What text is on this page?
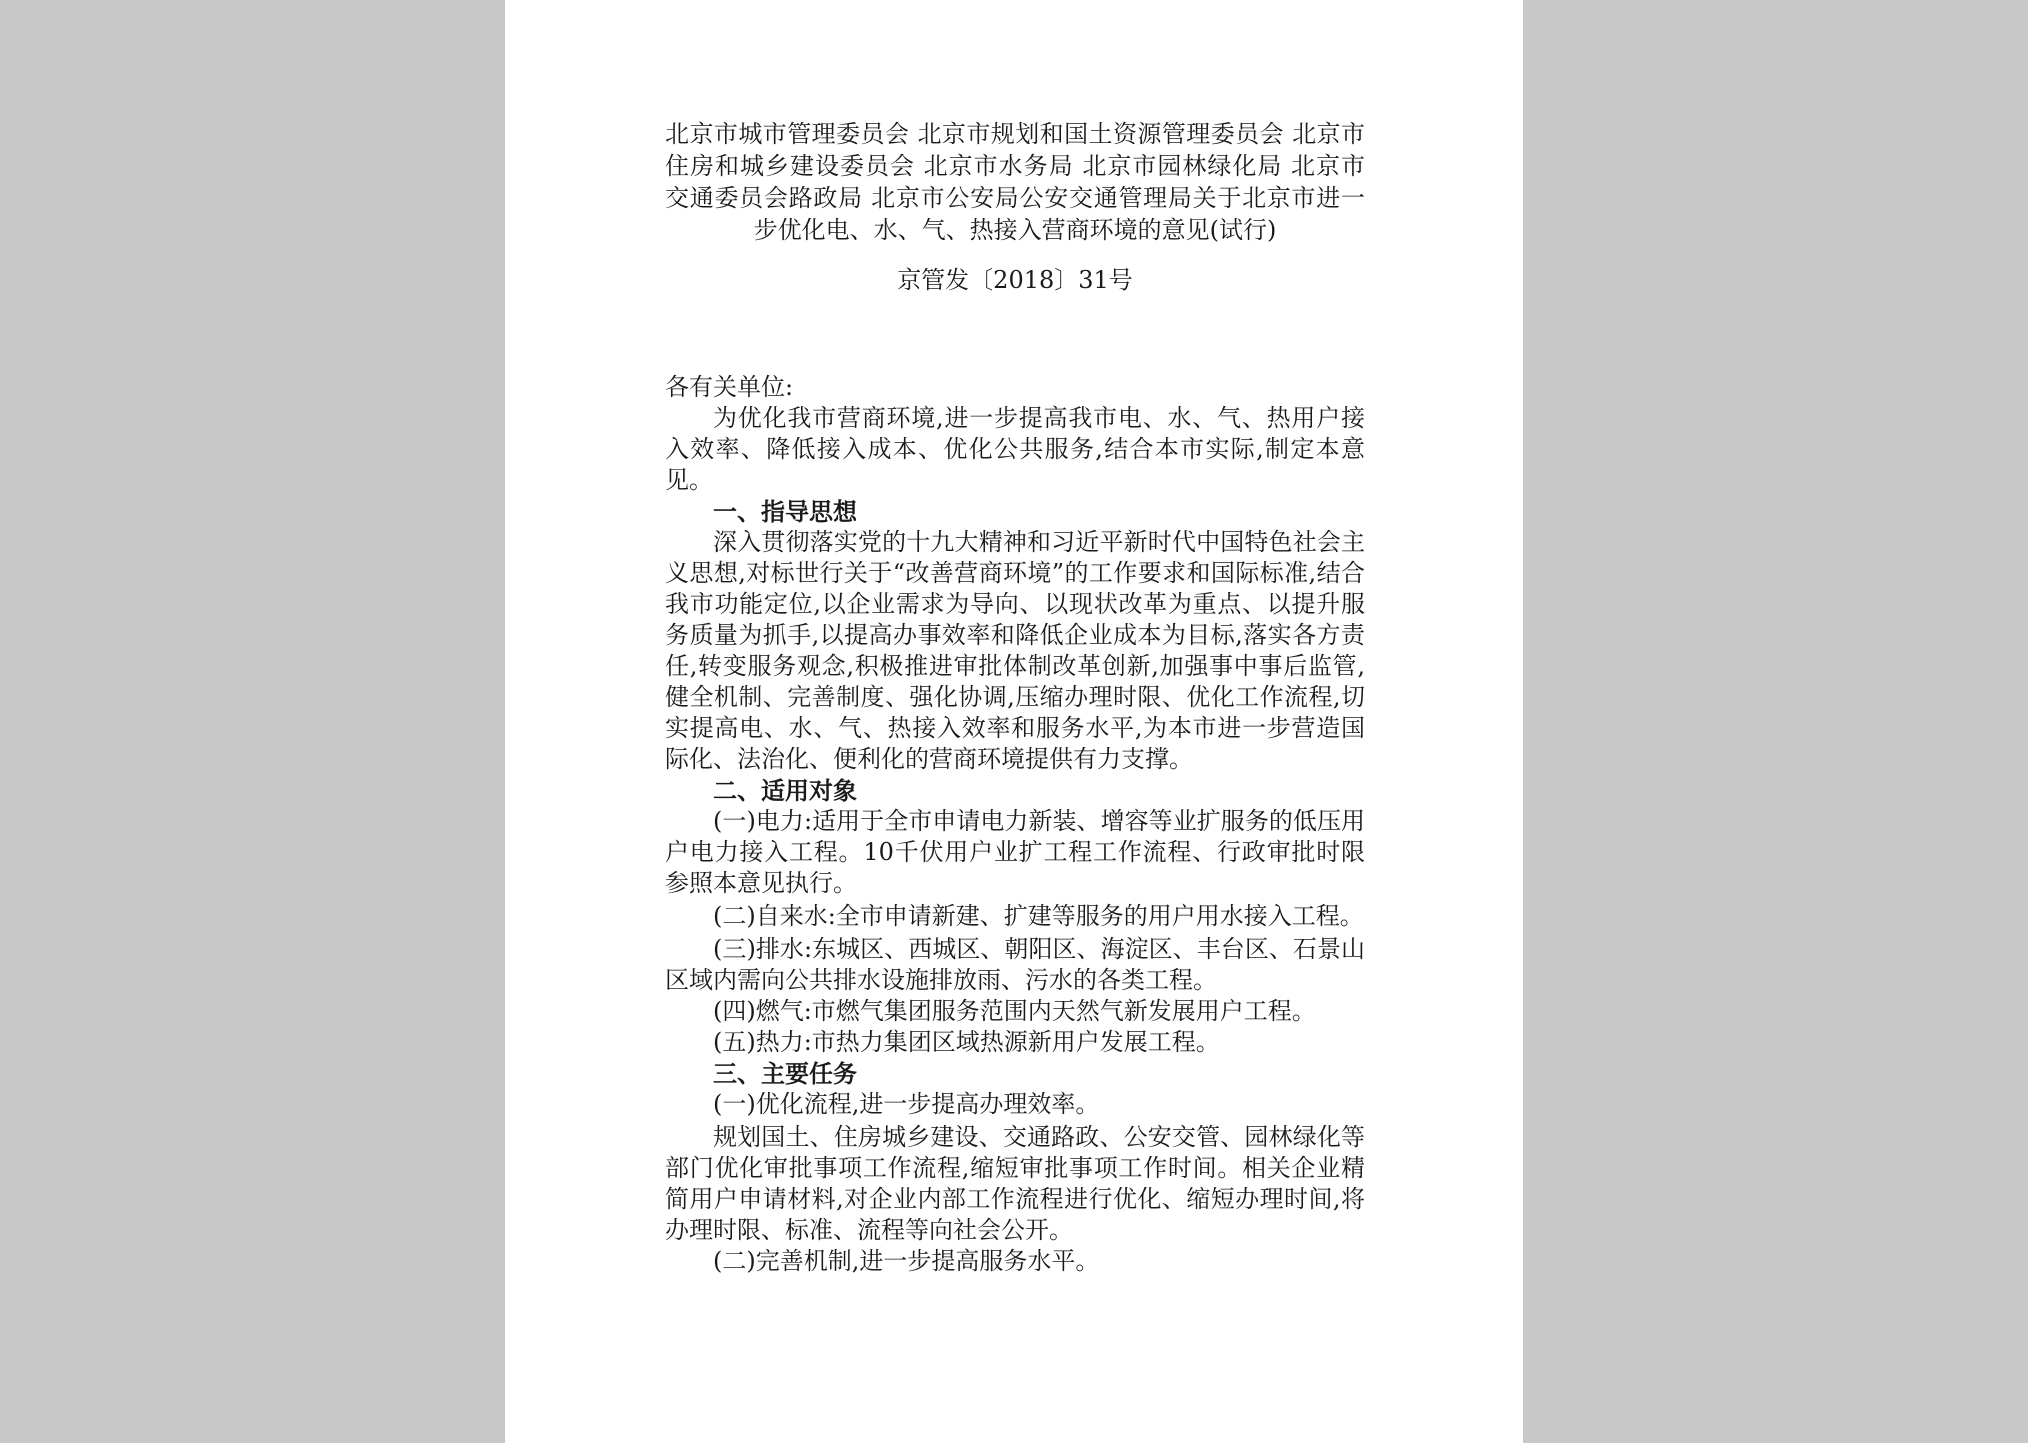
北京市城市管理委员会 北京市规划和国土资源管理委员会 北京市
住房和城乡建设委员会 北京市水务局 北京市园林绿化局 北京市
交通委员会路政局 北京市公安局公安交通管理局关于北京市进一
步优化电、水、气、热接入营商环境的意见(试行)
京管发〔2018〕31号

各有关单位:

为优化我市营商环境,进一步提高我市电、水、气、热用户接入效率、降低接入成本、优化公共服务,结合本市实际,制定本意见。

一、指导思想

深入贯彻落实党的十九大精神和习近平新时代中国特色社会主义思想,对标世行关于“改善营商环境”的工作要求和国际标准,结合我市功能定位,以企业需求为导向、以现状改革为重点、以提升服务质量为抓手,以提高办事效率和降低企业成本为目标,落实各方责任,转变服务观念,积极推进审批体制改革创新,加强事中事后监管,健全机制、完善制度、强化协调,压缩办理时限、优化工作流程,切实提高电、水、气、热接入效率和服务水平,为本市进一步营造国际化、法治化、便利化的营商环境提供有力支撑。

二、适用对象

(一)电力:适用于全市申请电力新装、增容等业扩服务的低压用户电力接入工程。10千伏用户业扩工程工作流程、行政审批时限参照本意见执行。

(二)自来水:全市申请新建、扩建等服务的用户用水接入工程。

(三)排水:东城区、西城区、朝阳区、海淀区、丰台区、石景山区域内需向公共排水设施排放雨、污水的各类工程。

(四)燃气:市燃气集团服务范围内天然气新发展用户工程。

(五)热力:市热力集团区域热源新用户发展工程。

三、主要任务

(一)优化流程,进一步提高办理效率。

规划国土、住房城乡建设、交通路政、公安交管、园林绿化等部门优化审批事项工作流程,缩短审批事项工作时间。相关企业精简用户申请材料,对企业内部工作流程进行优化、缩短办理时间,将办理时限、标准、流程等向社会公开。

(二)完善机制,进一步提高服务水平。
